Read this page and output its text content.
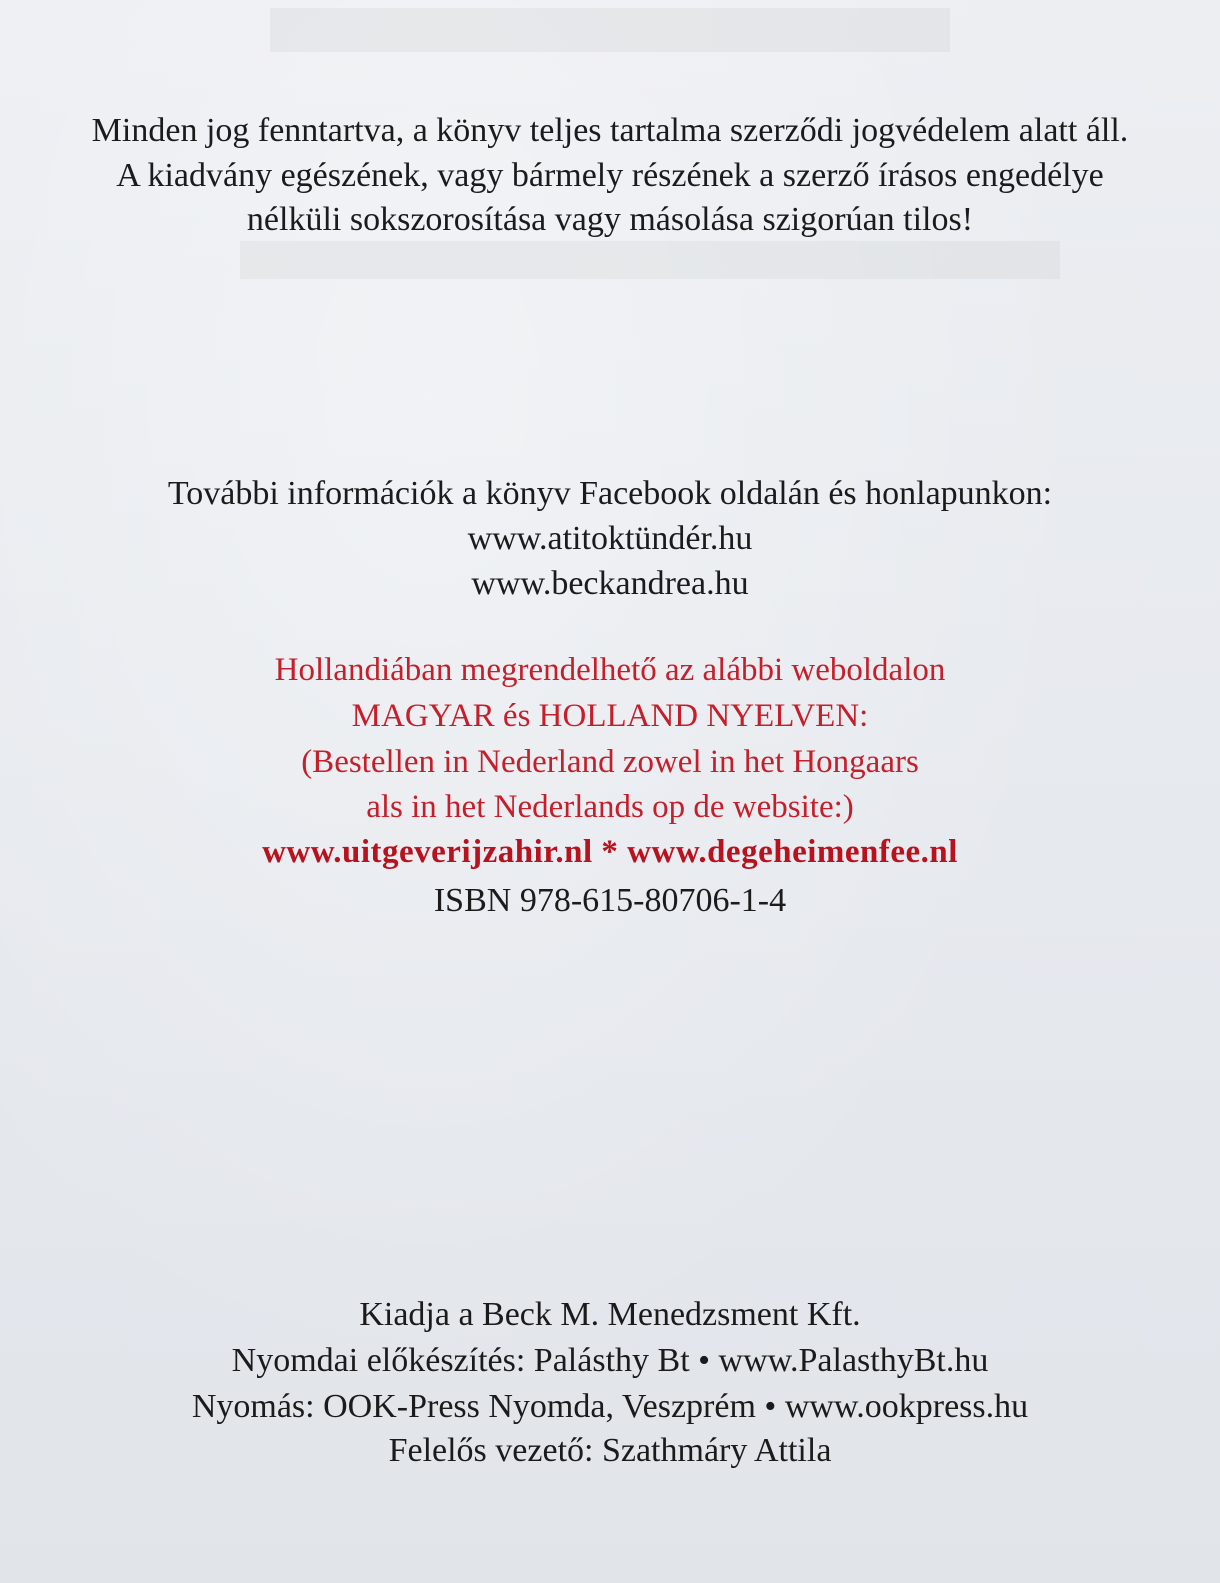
Minden jog fenntartva, a könyv teljes tartalma szerződi jogvédelem alatt áll.
A kiadvány egészének, vagy bármely részének a szerző írásos engedélye
nélküli sokszorosítása vagy másolása szigorúan tilos!
További információk a könyv Facebook oldalán és honlapunkon:
www.atitoktündér.hu
www.beckandrea.hu
Hollandiában megrendelhető az alábbi weboldalon
MAGYAR és HOLLAND NYELVEN:
(Bestellen in Nederland zowel in het Hongaars
als in het Nederlands op de website:)
www.uitgeverijzahir.nl * www.degeheimenfee.nl
ISBN 978-615-80706-1-4
Kiadja a Beck M. Menedzsment Kft.
Nyomdai előkészítés: Palásthy Bt • www.PalasthyBt.hu
Nyomás: OOK-Press Nyomda, Veszprém • www.ookpress.hu
Felelős vezető: Szathmáry Attila
